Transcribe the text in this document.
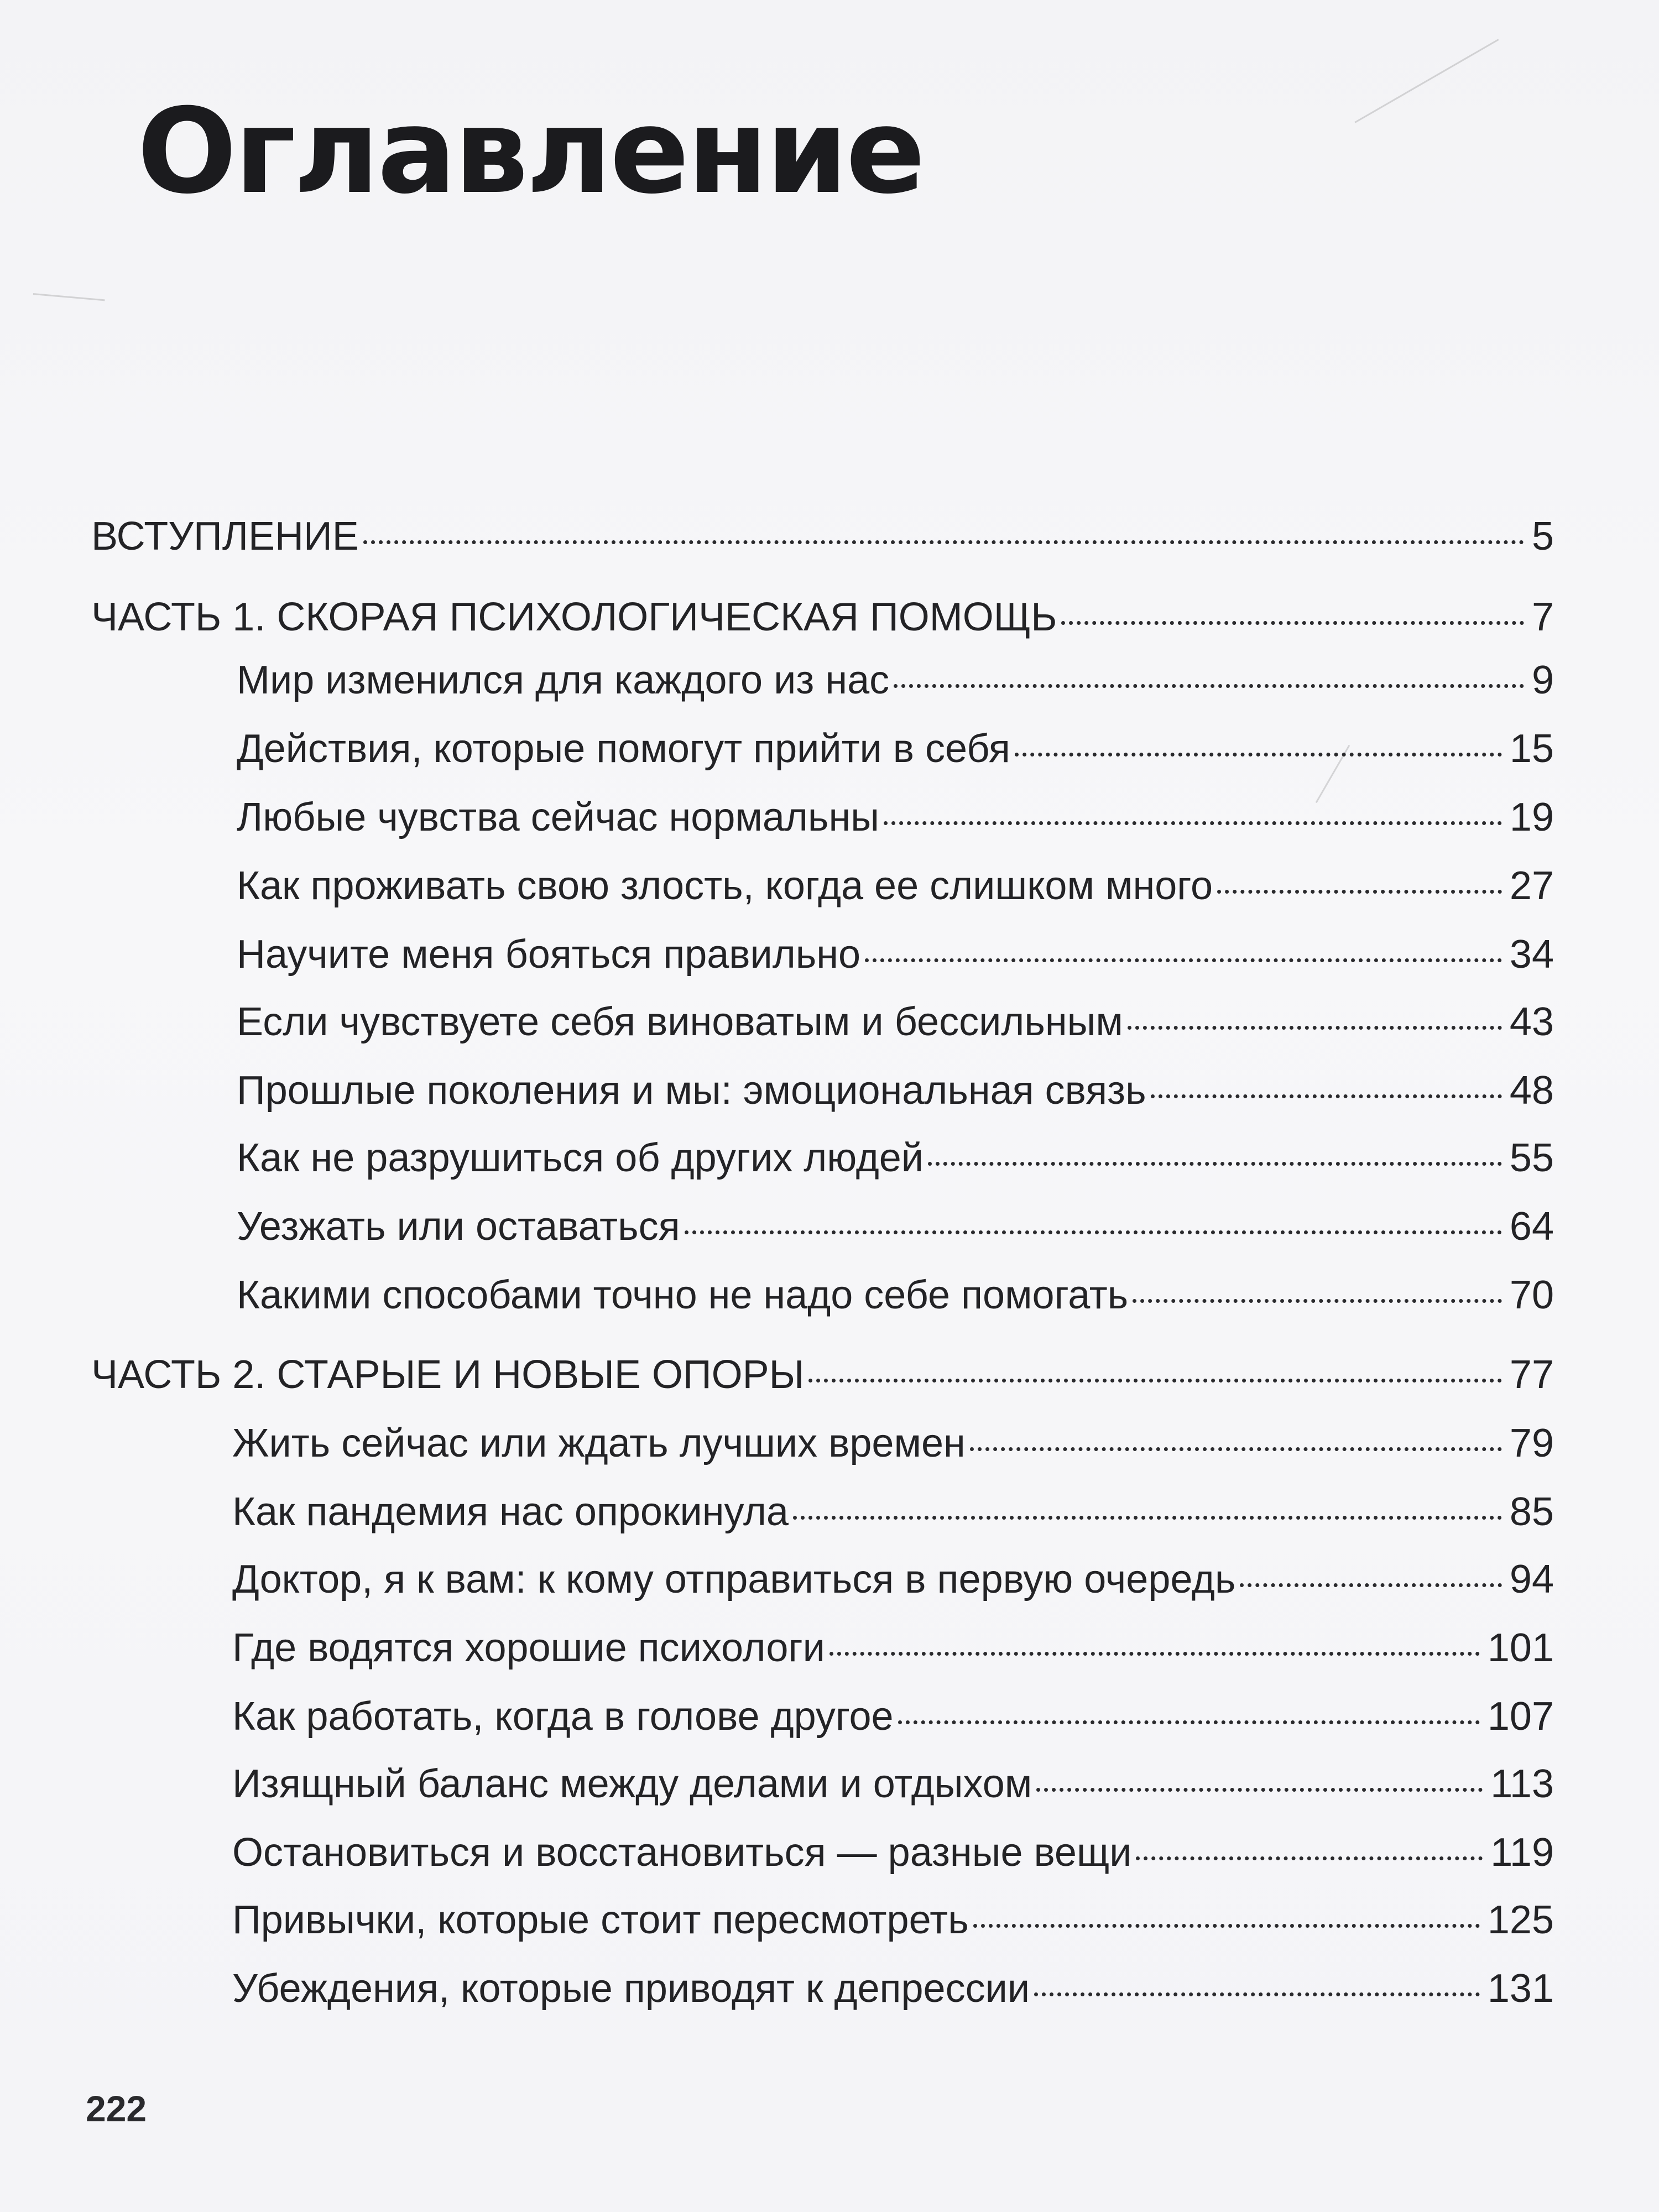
Оглавление
ВСТУПЛЕНИЕ	5
ЧАСТЬ 1. СКОРАЯ ПСИХОЛОГИЧЕСКАЯ ПОМОЩЬ	7
Мир изменился для каждого из нас	9
Действия, которые помогут прийти в себя	15
Любые чувства сейчас нормальны	19
Как проживать свою злость, когда ее слишком много	27
Научите меня бояться правильно	34
Если чувствуете себя виноватым и бессильным	43
Прошлые поколения и мы: эмоциональная связь	48
Как не разрушиться об других людей	55
Уезжать или оставаться	64
Какими способами точно не надо себе помогать	70
ЧАСТЬ 2. СТАРЫЕ И НОВЫЕ ОПОРЫ	77
Жить сейчас или ждать лучших времен	79
Как пандемия нас опрокинула	85
Доктор, я к вам: к кому отправиться в первую очередь	94
Где водятся хорошие психологи	101
Как работать, когда в голове другое	107
Изящный баланс между делами и отдыхом	113
Остановиться и восстановиться — разные вещи	119
Привычки, которые стоит пересмотреть	125
Убеждения, которые приводят к депрессии	131
222
